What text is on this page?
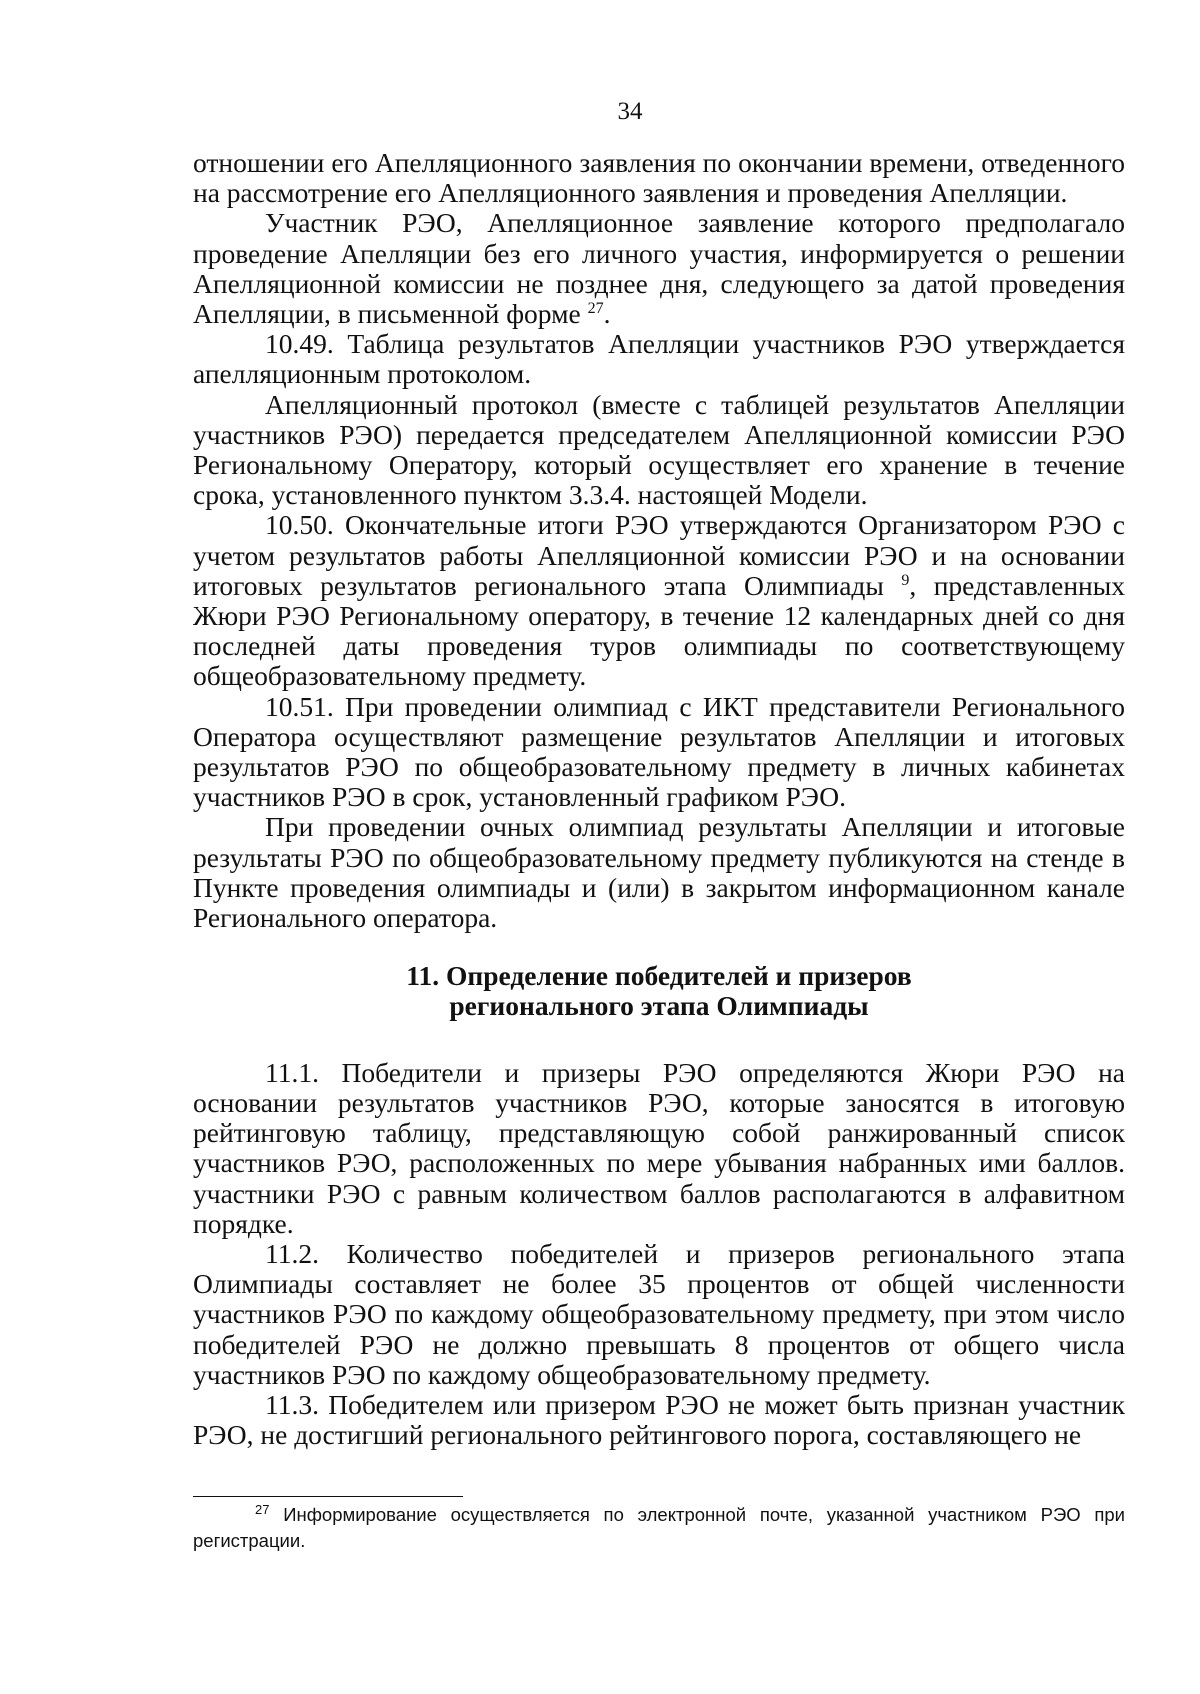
34

отношении его Апелляционного заявления по окончании времени, отведенного на рассмотрение его Апелляционного заявления и проведения Апелляции.

Участник РЭО, Апелляционное заявление которого предполагало проведение Апелляции без его личного участия, информируется о решении Апелляционной комиссии не позднее дня, следующего за датой проведения Апелляции, в письменной форме $^{27}$.

10.49. Таблица результатов Апелляции участников РЭО утверждается апелляционным протоколом.

Апелляционный протокол (вместе с таблицей результатов Апелляции участников РЭО) передается председателем Апелляционной комиссии РЭО Региональному Оператору, который осуществляет его хранение в течение срока, установленного пунктом 3.3.4. настоящей Модели.

10.50. Окончательные итоги РЭО утверждаются Организатором РЭО с учетом результатов работы Апелляционной комиссии РЭО и на основании итоговых результатов регионального этапа Олимпиады $^9$, представленных Жюри РЭО Региональному оператору, в течение 12 календарных дней со дня последней даты проведения туров олимпиады по соответствующему общеобразовательному предмету.

10.51. При проведении олимпиад с ИКТ представители Регионального Оператора осуществляют размещение результатов Апелляции и итоговых результатов РЭО по общеобразовательному предмету в личных кабинетах участников РЭО в срок, установленный графиком РЭО.

При проведении очных олимпиад результаты Апелляции и итоговые результаты РЭО по общеобразовательному предмету публикуются на стенде в Пункте проведения олимпиады и (или) в закрытом информационном канале Регионального оператора.

11. Определение победителей и призеров
регионального этапа Олимпиады

11.1. Победители и призеры РЭО определяются Жюри РЭО на основании результатов участников РЭО, которые заносятся в итоговую рейтинговую таблицу, представляющую собой ранжированный список участников РЭО, расположенных по мере убывания набранных ими баллов. участники РЭО с равным количеством баллов располагаются в алфавитном порядке.

11.2. Количество победителей и призеров регионального этапа Олимпиады составляет не более 35 процентов от общей численности участников РЭО по каждому общеобразовательному предмету, при этом число победителей РЭО не должно превышать 8 процентов от общего числа участников РЭО по каждому общеобразовательному предмету.

11.3. Победителем или призером РЭО не может быть признан участник РЭО, не достигший регионального рейтингового порога, составляющего не

$^{27}$ Информирование осуществляется по электронной почте, указанной участником РЭО при регистрации.
